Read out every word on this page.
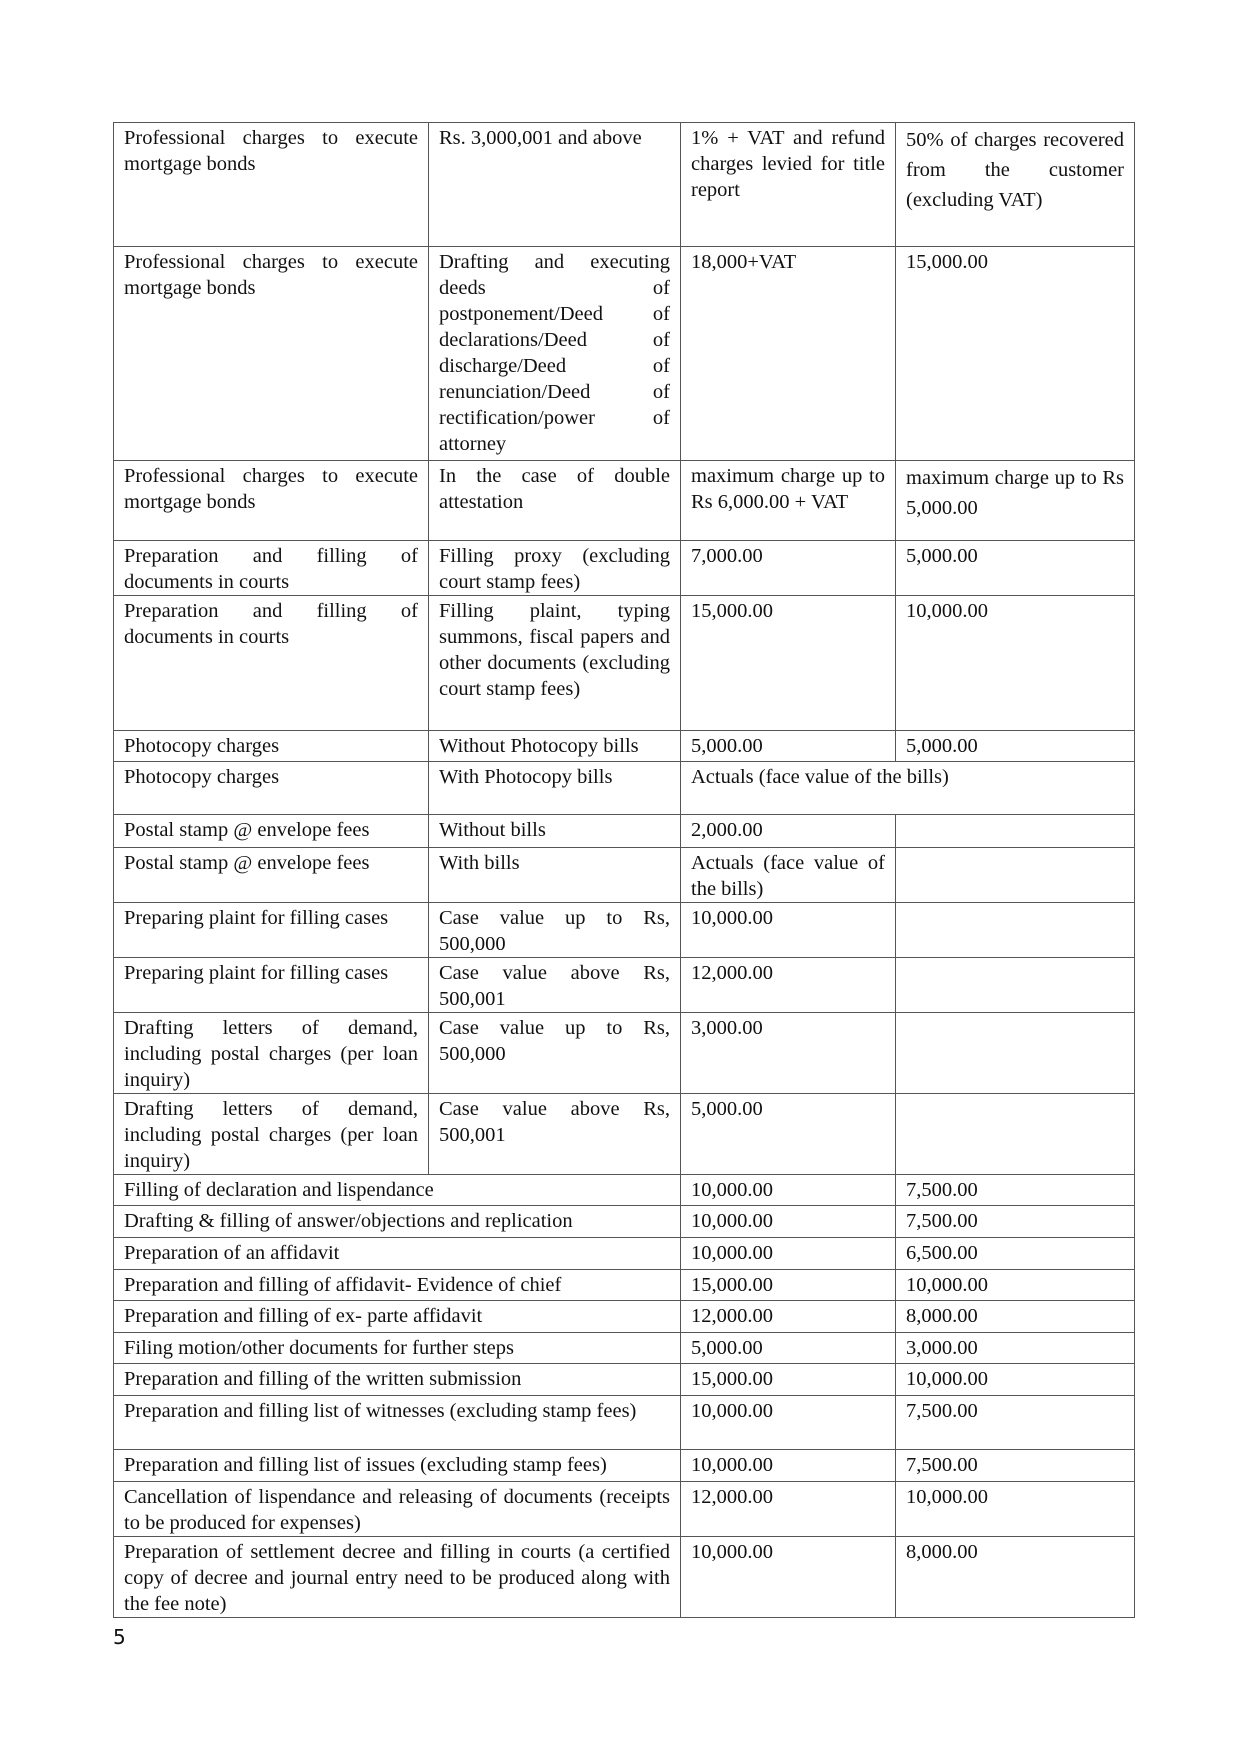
Professional charges to execute mortgage bonds	Rs. 3,000,001 and above	1% + VAT and refund charges levied for title report	50% of charges recovered from the customer (excluding VAT)
Professional charges to execute mortgage bonds	Drafting and executing deeds of postponement/Deed of declarations/Deed of discharge/Deed of renunciation/Deed of rectification/power of attorney	18,000+VAT	15,000.00
Professional charges to execute mortgage bonds	In the case of double attestation	maximum charge up to Rs 6,000.00 + VAT	maximum charge up to Rs 5,000.00
Preparation and filling of documents in courts	Filling proxy (excluding court stamp fees)	7,000.00	5,000.00
Preparation and filling of documents in courts	Filling plaint, typing summons, fiscal papers and other documents (excluding court stamp fees)	15,000.00	10,000.00
Photocopy charges	Without Photocopy bills	5,000.00	5,000.00
Photocopy charges	With Photocopy bills	Actuals (face value of the bills)	
Postal stamp @ envelope fees	Without bills	2,000.00	
Postal stamp @ envelope fees	With bills	Actuals (face value of the bills)	
Preparing plaint for filling cases	Case value up to Rs, 500,000	10,000.00	
Preparing plaint for filling cases	Case value above Rs, 500,001	12,000.00	
Drafting letters of demand, including postal charges (per loan inquiry)	Case value up to Rs, 500,000	3,000.00	
Drafting letters of demand, including postal charges (per loan inquiry)	Case value above Rs, 500,001	5,000.00	
Filling of declaration and lispendance		10,000.00	7,500.00
Drafting & filling of answer/objections and replication		10,000.00	7,500.00
Preparation of an affidavit		10,000.00	6,500.00
Preparation and filling of affidavit- Evidence of chief		15,000.00	10,000.00
Preparation and filling of ex- parte affidavit		12,000.00	8,000.00
Filing motion/other documents for further steps		5,000.00	3,000.00
Preparation and filling of the written submission		15,000.00	10,000.00
Preparation and filling list of witnesses (excluding stamp fees)		10,000.00	7,500.00
Preparation and filling list of issues (excluding stamp fees)		10,000.00	7,500.00
Cancellation of lispendance and releasing of documents (receipts to be produced for expenses)		12,000.00	10,000.00
Preparation of settlement decree and filling in courts (a certified copy of decree and journal entry need to be produced along with the fee note)		10,000.00	8,000.00
5
